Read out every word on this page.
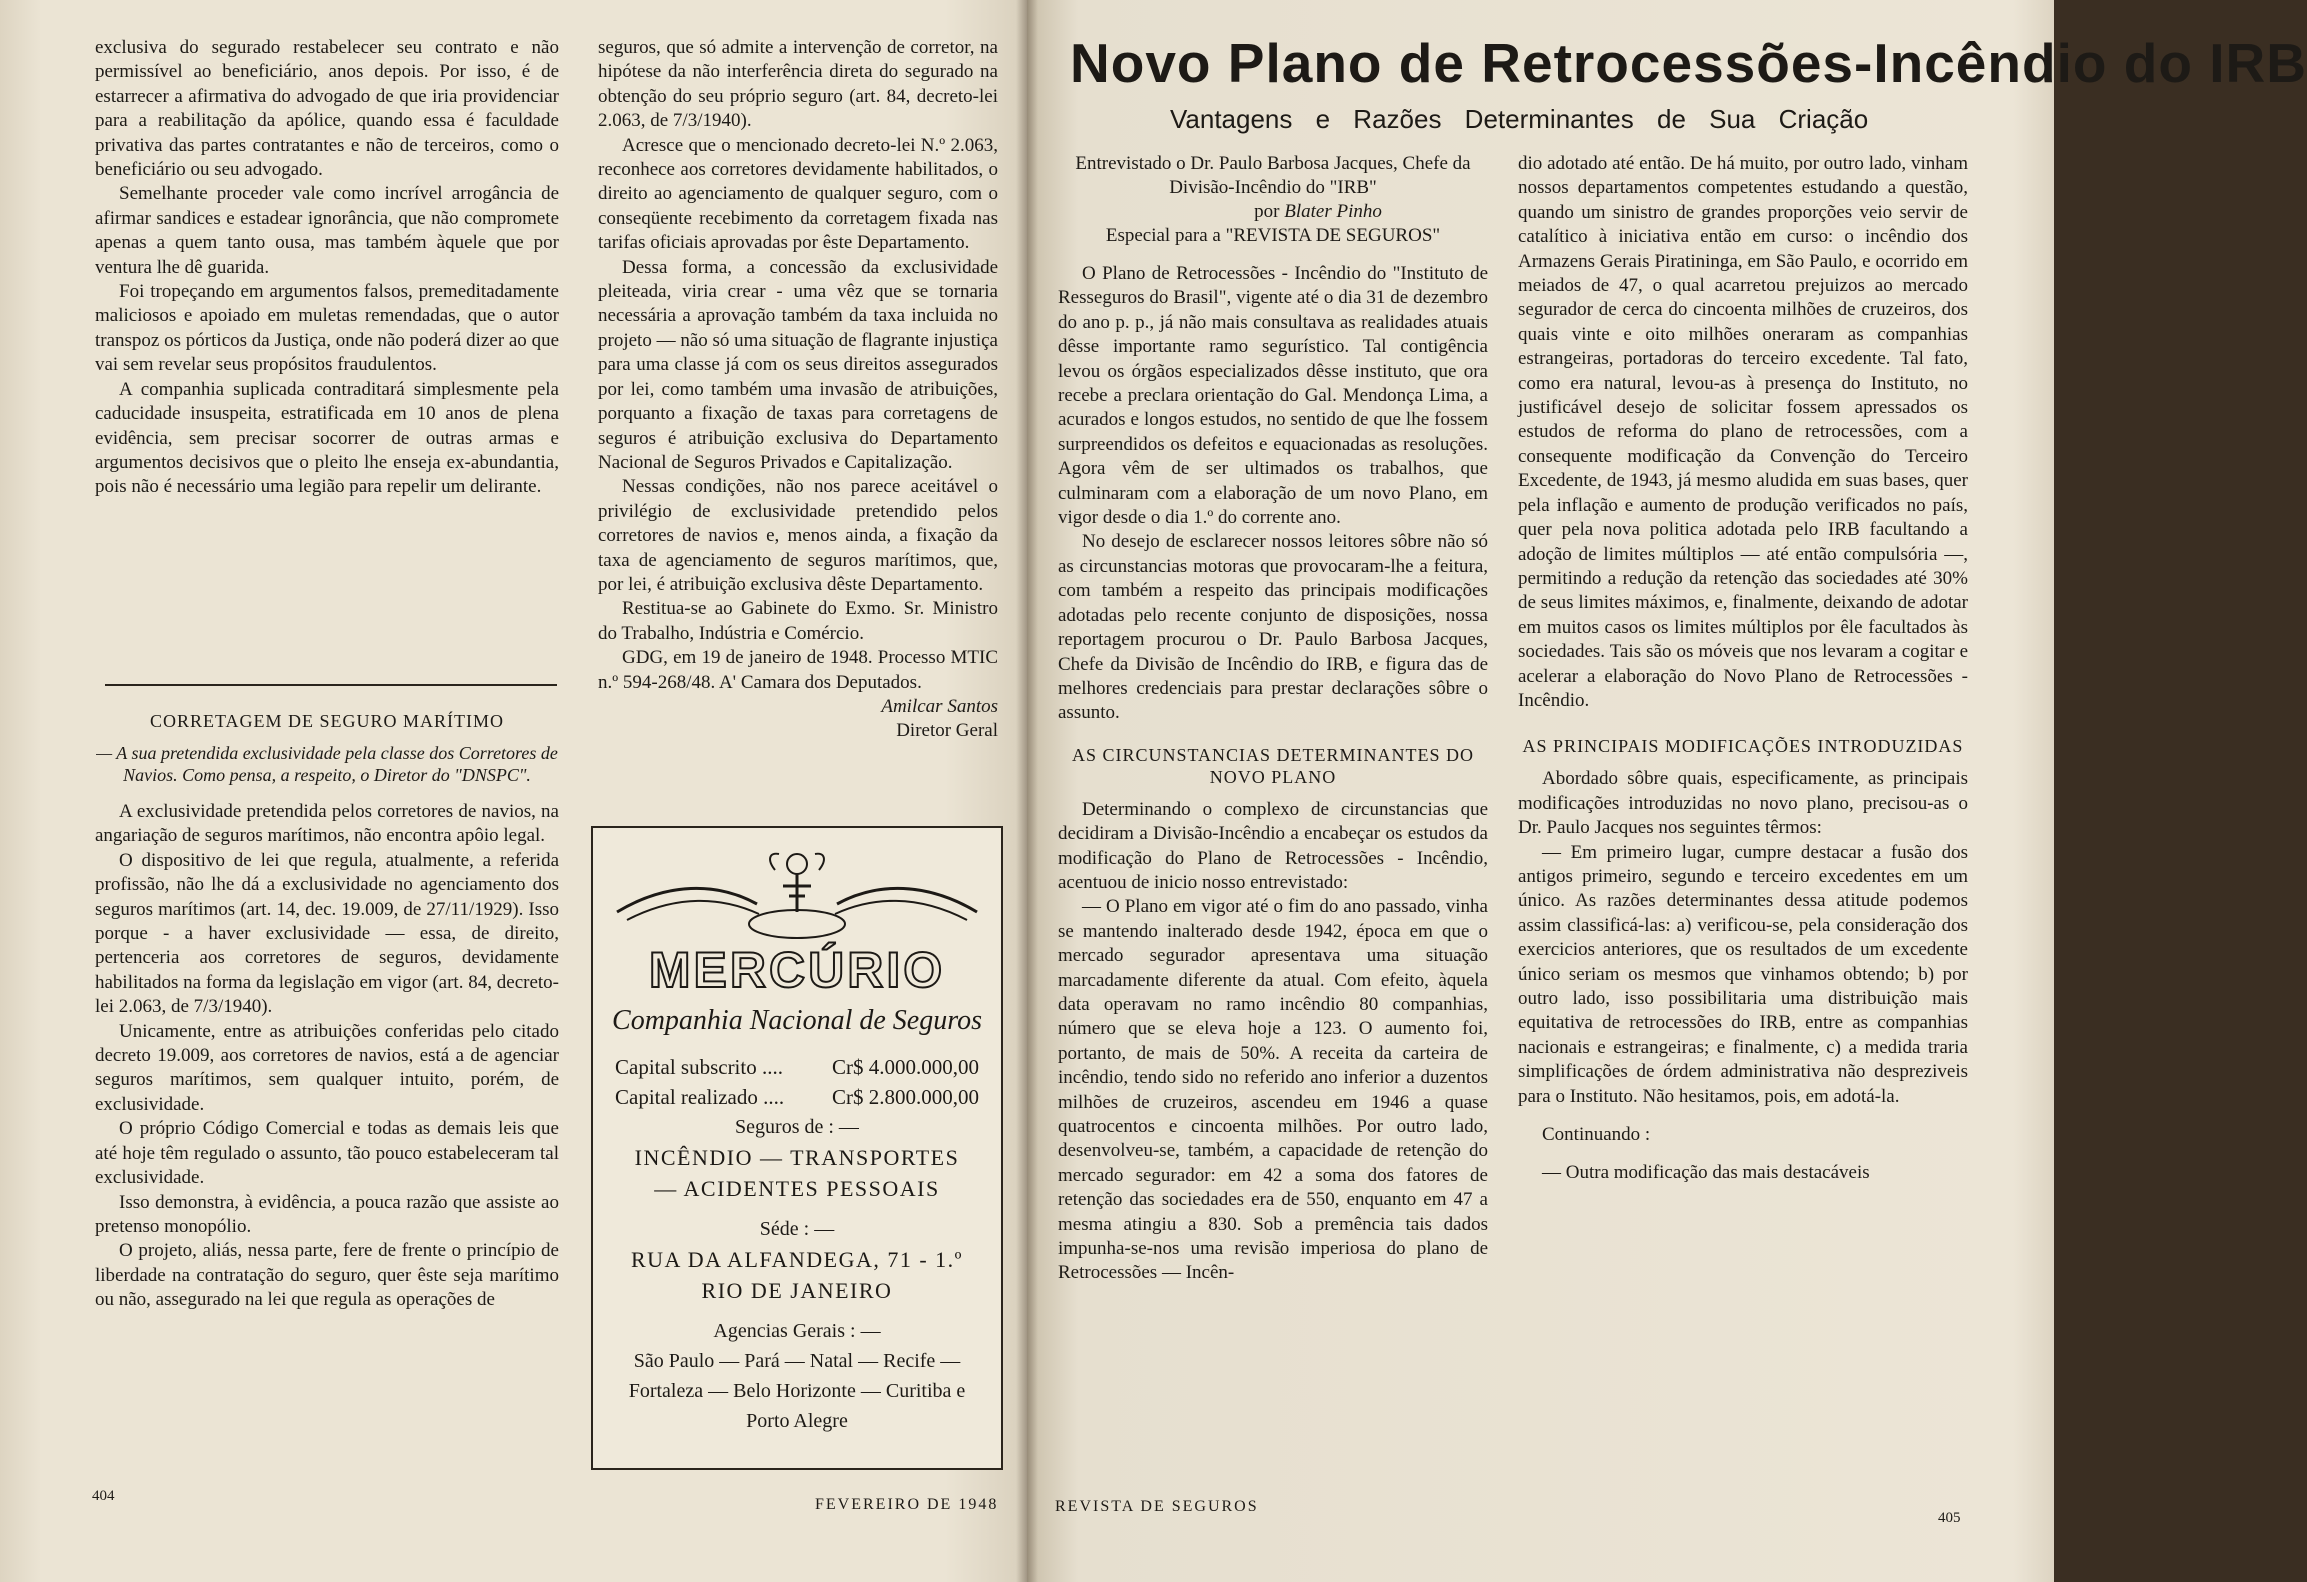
exclusiva do segurado restabelecer seu contrato e não permissível ao beneficiário, anos depois. Por isso, é de estarrecer a afirmativa do advogado de que iria providenciar para a reabilitação da apólice, quando essa é faculdade privativa das partes contratantes e não de terceiros, como o beneficiário ou seu advogado.

Semelhante proceder vale como incrível arrogância de afirmar sandices e estadear ignorância, que não compromete apenas a quem tanto ousa, mas também àquele que por ventura lhe dê guarida.

Foi tropeçando em argumentos falsos, premeditadamente maliciosos e apoiado em muletas remendadas, que o autor transpoz os pórticos da Justiça, onde não poderá dizer ao que vai sem revelar seus propósitos fraudulentos.

A companhia suplicada contraditará simplesmente pela caducidade insuspeita, estratificada em 10 anos de plena evidência, sem precisar socorrer de outras armas e argumentos decisivos que o pleito lhe enseja ex-abundantia, pois não é necessário uma legião para repelir um delirante.

CORRETAGEM DE SEGURO MARÍTIMO
— A sua pretendida exclusividade pela classe dos Corretores de Navios. Como pensa, a respeito, o Diretor do "DNSPC".

A exclusividade pretendida pelos corretores de navios, na angariação de seguros marítimos, não encontra apôio legal.

O dispositivo de lei que regula, atualmente, a referida profissão, não lhe dá a exclusividade no agenciamento dos seguros marítimos (art. 14, dec. 19.009, de 27/11/1929). Isso porque - a haver exclusividade — essa, de direito, pertenceria aos corretores de seguros, devidamente habilitados na forma da legislação em vigor (art. 84, decreto-lei 2.063, de 7/3/1940).

Unicamente, entre as atribuições conferidas pelo citado decreto 19.009, aos corretores de navios, está a de agenciar seguros marítimos, sem qualquer intuito, porém, de exclusividade.

O próprio Código Comercial e todas as demais leis que até hoje têm regulado o assunto, tão pouco estabeleceram tal exclusividade.

Isso demonstra, à evidência, a pouca razão que assiste ao pretenso monopólio.

O projeto, aliás, nessa parte, fere de frente o princípio de liberdade na contratação do seguro, quer êste seja marítimo ou não, assegurado na lei que regula as operações de

seguros, que só admite a intervenção de corretor, na hipótese da não interferência direta do segurado na obtenção do seu próprio seguro (art. 84, decreto-lei 2.063, de 7/3/1940).

Acresce que o mencionado decreto-lei N.º 2.063, reconhece aos corretores devidamente habilitados, o direito ao agenciamento de qualquer seguro, com o conseqüente recebimento da corretagem fixada nas tarifas oficiais aprovadas por êste Departamento.

Dessa forma, a concessão da exclusividade pleiteada, viria crear - uma vêz que se tornaria necessária a aprovação também da taxa incluida no projeto — não só uma situação de flagrante injustiça para uma classe já com os seus direitos assegurados por lei, como também uma invasão de atribuições, porquanto a fixação de taxas para corretagens de seguros é atribuição exclusiva do Departamento Nacional de Seguros Privados e Capitalização.

Nessas condições, não nos parece aceitável o privilégio de exclusividade pretendido pelos corretores de navios e, menos ainda, a fixação da taxa de agenciamento de seguros marítimos, que, por lei, é atribuição exclusiva dêste Departamento.

Restitua-se ao Gabinete do Exmo. Sr. Ministro do Trabalho, Indústria e Comércio.

GDG, em 19 de janeiro de 1948. Processo MTIC n.º 594-268/48. A' Camara dos Deputados.

Amilcar Santos
Diretor Geral
MERCÚRIO
Companhia Nacional de Seguros
Capital subscrito .... Cr$ 4.000.000,00
Capital realizado .... Cr$ 2.800.000,00
Seguros de : —
INCÊNDIO — TRANSPORTES
— ACIDENTES PESSOAIS
Séde : —
RUA DA ALFANDEGA, 71 - 1.º
RIO DE JANEIRO
Agencias Gerais : —
São Paulo — Pará — Natal — Recife —
Fortaleza — Belo Horizonte — Curitiba e
Porto Alegre
404	FEVEREIRO DE 1948
Novo Plano de Retrocessões-Incêndio do IRB
Vantagens e Razões Determinantes de Sua Criação
Entrevistado o Dr. Paulo Barbosa Jacques, Chefe da Divisão-Incêndio do "IRB"
por Blater Pinho
Especial para a "REVISTA DE SEGUROS"

O Plano de Retrocessões - Incêndio do "Instituto de Resseguros do Brasil", vigente até o dia 31 de dezembro do ano p. p., já não mais consultava as realidades atuais dêsse importante ramo segurístico. Tal contigência levou os órgãos especializados dêsse instituto, que ora recebe a preclara orientação do Gal. Mendonça Lima, a acurados e longos estudos, no sentido de que lhe fossem surpreendidos os defeitos e equacionadas as resoluções. Agora vêm de ser ultimados os trabalhos, que culminaram com a elaboração de um novo Plano, em vigor desde o dia 1.º do corrente ano.

No desejo de esclarecer nossos leitores sôbre não só as circunstancias motoras que provocaram-lhe a feitura, com também a respeito das principais modificações adotadas pelo recente conjunto de disposições, nossa reportagem procurou o Dr. Paulo Barbosa Jacques, Chefe da Divisão de Incêndio do IRB, e figura das de melhores credenciais para prestar declarações sôbre o assunto.

AS CIRCUNSTANCIAS DETERMINANTES DO NOVO PLANO

Determinando o complexo de circunstancias que decidiram a Divisão-Incêndio a encabeçar os estudos da modificação do Plano de Retrocessões - Incêndio, acentuou de inicio nosso entrevistado:

— O Plano em vigor até o fim do ano passado, vinha se mantendo inalterado desde 1942, época em que o mercado segurador apresentava uma situação marcadamente diferente da atual. Com efeito, àquela data operavam no ramo incêndio 80 companhias, número que se eleva hoje a 123. O aumento foi, portanto, de mais de 50%. A receita da carteira de incêndio, tendo sido no referido ano inferior a duzentos milhões de cruzeiros, ascendeu em 1946 a quase quatrocentos e cincoenta milhões. Por outro lado, desenvolveu-se, também, a capacidade de retenção do mercado segurador: em 42 a soma dos fatores de retenção das sociedades era de 550, enquanto em 47 a mesma atingiu a 830. Sob a premência tais dados impunha-se-nos uma revisão imperiosa do plano de Retrocessões — Incên-

dio adotado até então. De há muito, por outro lado, vinham nossos departamentos competentes estudando a questão, quando um sinistro de grandes proporções veio servir de catalítico à iniciativa então em curso: o incêndio dos Armazens Gerais Piratininga, em São Paulo, e ocorrido em meiados de 47, o qual acarretou prejuizos ao mercado segurador de cerca do cincoenta milhões de cruzeiros, dos quais vinte e oito milhões oneraram as companhias estrangeiras, portadoras do terceiro excedente. Tal fato, como era natural, levou-as à presença do Instituto, no justificável desejo de solicitar fossem apressados os estudos de reforma do plano de retrocessões, com a consequente modificação da Convenção do Terceiro Excedente, de 1943, já mesmo aludida em suas bases, quer pela inflação e aumento de produção verificados no país, quer pela nova politica adotada pelo IRB facultando a adoção de limites múltiplos — até então compulsória —, permitindo a redução da retenção das sociedades até 30% de seus limites máximos, e, finalmente, deixando de adotar em muitos casos os limites múltiplos por êle facultados às sociedades. Tais são os móveis que nos levaram a cogitar e acelerar a elaboração do Novo Plano de Retrocessões - Incêndio.

AS PRINCIPAIS MODIFICAÇÕES INTRODUZIDAS

Abordado sôbre quais, especificamente, as principais modificações introduzidas no novo plano, precisou-as o Dr. Paulo Jacques nos seguintes têrmos:

— Em primeiro lugar, cumpre destacar a fusão dos antigos primeiro, segundo e terceiro excedentes em um único. As razões determinantes dessa atitude podemos assim classificá-las: a) verificou-se, pela consideração dos exercicios anteriores, que os resultados de um excedente único seriam os mesmos que vinhamos obtendo; b) por outro lado, isso possibilitaria uma distribuição mais equitativa de retrocessões do IRB, entre as companhias nacionais e estrangeiras; e finalmente, c) a medida traria simplificações de órdem administrativa não despreziveis para o Instituto. Não hesitamos, pois, em adotá-la.

Continuando :

— Outra modificação das mais destacáveis

REVISTA DE SEGUROS
405
